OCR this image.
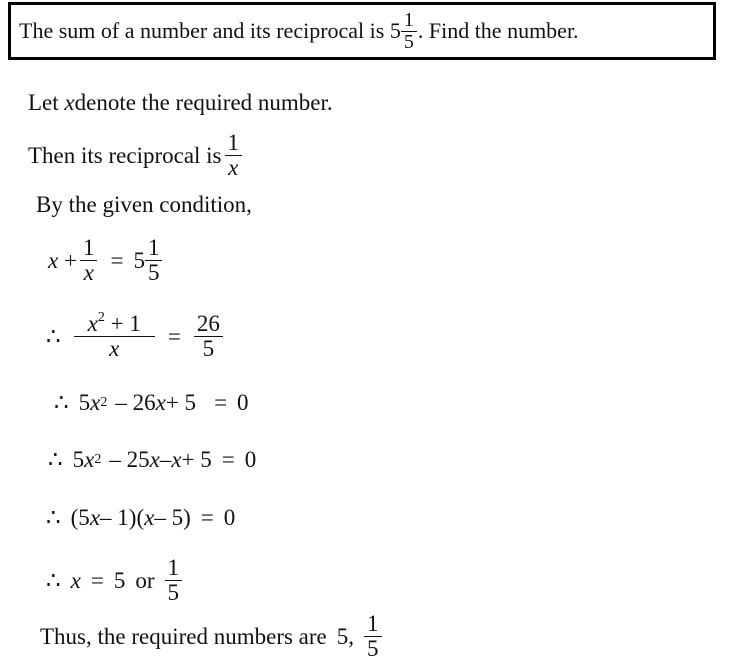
The sum of a number and its reciprocal is $5 \frac{1}{5}$ . Find the number.
Let
x denote the required number.
Then its reciprocal is $\frac{1}{x}$
By the given condition,
x
+ $\frac{1}{x} = 5 \frac{1}{5}$
∴ $\frac{x^2 + 1}{x} = \frac{26}{5}$
∴ 5 x 2 – 26 x + 5 = 0
∴ 5 x 2 – 25 x – x + 5 = 0
∴ (5 x – 1)( x – 5) = 0
∴ x = 5 or $\frac{1}{5}$
Thus, the required numbers are 5, $\frac{1}{5}$
